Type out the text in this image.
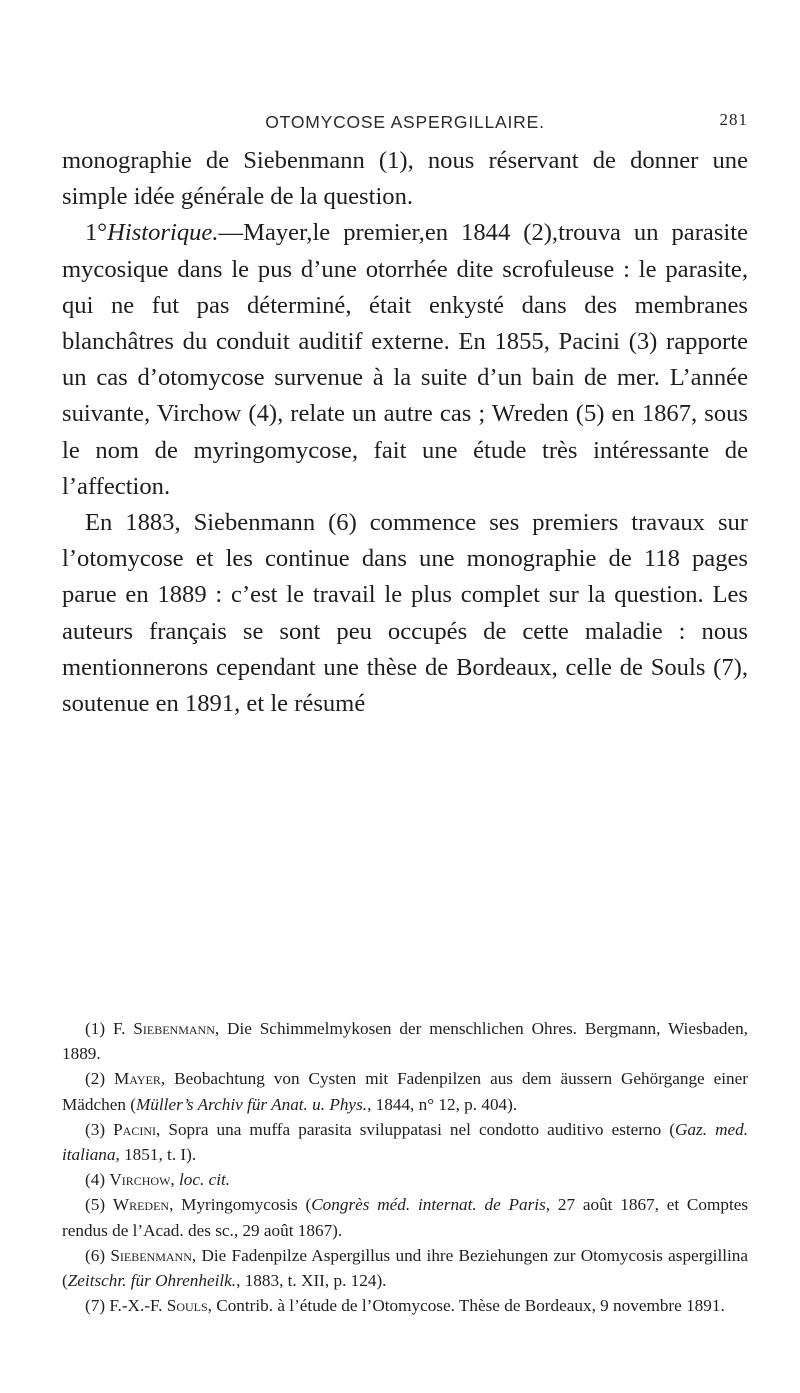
OTOMYCOSE ASPERGILLAIRE.	281

monographie de Siebenmann (1), nous réservant de donner une simple idée générale de la question.

1°Historique.—Mayer,le premier,en 1844 (2),trouva un parasite mycosique dans le pus d’une otorrhée dite scrofuleuse : le parasite, qui ne fut pas déterminé, était enkysté dans des membranes blanchâtres du conduit auditif externe. En 1855, Pacini (3) rapporte un cas d’otomycose survenue à la suite d’un bain de mer. L’année suivante, Virchow (4), relate un autre cas ; Wreden (5) en 1867, sous le nom de myringomycose, fait une étude très intéressante de l’affection.

En 1883, Siebenmann (6) commence ses premiers travaux sur l’otomycose et les continue dans une monographie de 118 pages parue en 1889 : c’est le travail le plus complet sur la question. Les auteurs français se sont peu occupés de cette maladie : nous mentionnerons cependant une thèse de Bordeaux, celle de Souls (7), soutenue en 1891, et le résumé

(1) F. Siebenmann, Die Schimmelmykosen der menschlichen Ohres. Bergmann, Wiesbaden, 1889.

(2) Mayer, Beobachtung von Cysten mit Fadenpilzen aus dem äussern Gehörgange einer Mädchen (Müller’s Archiv für Anat. u. Phys., 1844, n° 12, p. 404).

(3) Pacini, Sopra una muffa parasita sviluppatasi nel condotto auditivo esterno (Gaz. med. italiana, 1851, t. I).

(4) Virchow, loc. cit.

(5) Wreden, Myringomycosis (Congrès méd. internat. de Paris, 27 août 1867, et Comptes rendus de l’Acad. des sc., 29 août 1867).

(6) Siebenmann, Die Fadenpilze Aspergillus und ihre Beziehungen zur Otomycosis aspergillina (Zeitschr. für Ohrenheilk., 1883, t. XII, p. 124).

(7) F.-X.-F. Souls, Contrib. à l’étude de l’Otomycose. Thèse de Bordeaux, 9 novembre 1891.
